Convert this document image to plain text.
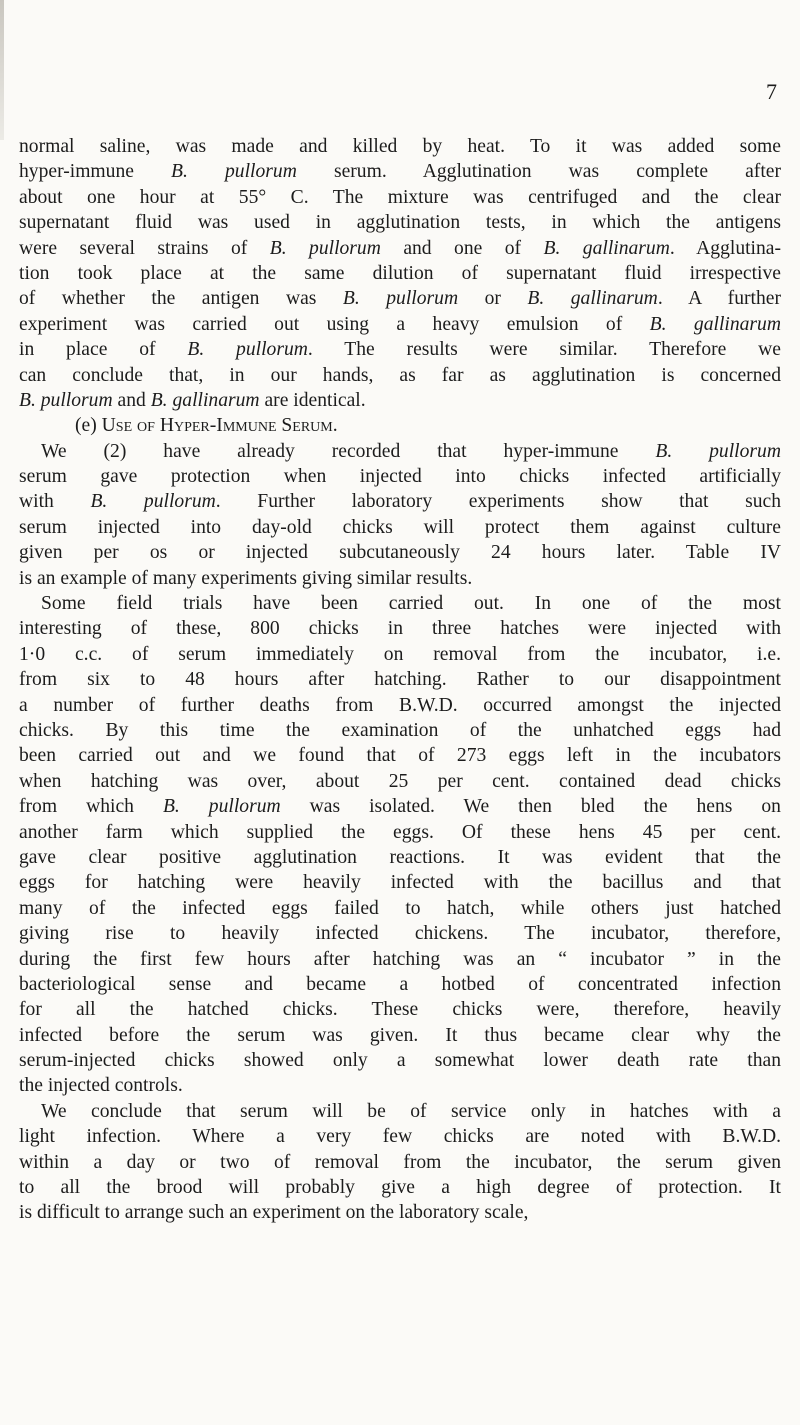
7
normal saline, was made and killed by heat. To it was added some
hyper-immune B. pullorum serum. Agglutination was complete after
about one hour at 55° C. The mixture was centrifuged and the clear
supernatant fluid was used in agglutination tests, in which the antigens
were several strains of B. pullorum and one of B. gallinarum. Agglutina-
tion took place at the same dilution of supernatant fluid irrespective
of whether the antigen was B. pullorum or B. gallinarum. A further
experiment was carried out using a heavy emulsion of B. gallinarum
in place of B. pullorum. The results were similar. Therefore we
can conclude that, in our hands, as far as agglutination is concerned
B. pullorum and B. gallinarum are identical.
(e) Use of Hyper-Immune Serum.
We (2) have already recorded that hyper-immune B. pullorum
serum gave protection when injected into chicks infected artificially
with B. pullorum. Further laboratory experiments show that such
serum injected into day-old chicks will protect them against culture
given per os or injected subcutaneously 24 hours later. Table IV
is an example of many experiments giving similar results.
Some field trials have been carried out. In one of the most
interesting of these, 800 chicks in three hatches were injected with
1·0 c.c. of serum immediately on removal from the incubator, i.e.
from six to 48 hours after hatching. Rather to our disappointment
a number of further deaths from B.W.D. occurred amongst the injected
chicks. By this time the examination of the unhatched eggs had
been carried out and we found that of 273 eggs left in the incubators
when hatching was over, about 25 per cent. contained dead chicks
from which B. pullorum was isolated. We then bled the hens on
another farm which supplied the eggs. Of these hens 45 per cent.
gave clear positive agglutination reactions. It was evident that the
eggs for hatching were heavily infected with the bacillus and that
many of the infected eggs failed to hatch, while others just hatched
giving rise to heavily infected chickens. The incubator, therefore,
during the first few hours after hatching was an “ incubator ” in the
bacteriological sense and became a hotbed of concentrated infection
for all the hatched chicks. These chicks were, therefore, heavily
infected before the serum was given. It thus became clear why the
serum-injected chicks showed only a somewhat lower death rate than
the injected controls.
We conclude that serum will be of service only in hatches with a
light infection. Where a very few chicks are noted with B.W.D.
within a day or two of removal from the incubator, the serum given
to all the brood will probably give a high degree of protection. It
is difficult to arrange such an experiment on the laboratory scale,
